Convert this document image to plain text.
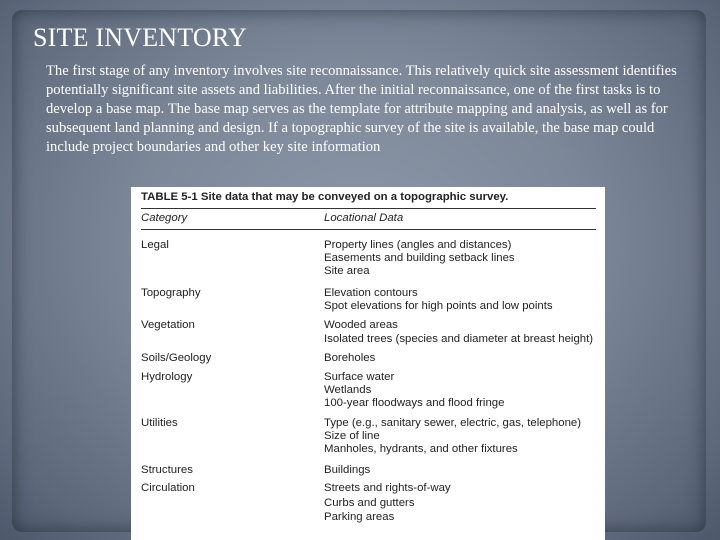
SITE INVENTORY

The first stage of any inventory involves site reconnaissance. This relatively quick site assessment identifies potentially significant site assets and liabilities. After the initial reconnaissance, one of the first tasks is to develop a base map. The base map serves as the template for attribute mapping and analysis, as well as for subsequent land planning and design. If a topographic survey of the site is available, the base map could include project boundaries and other key site information

TABLE 5-1 Site data that may be conveyed on a topographic survey.
Category	Locational Data
Legal	Property lines (angles and distances)
Easements and building setback lines
Site area
Topography	Elevation contours
Spot elevations for high points and low points
Vegetation	Wooded areas
Isolated trees (species and diameter at breast height)
Soils/Geology	Boreholes
Hydrology	Surface water
Wetlands
100-year floodways and flood fringe
Utilities	Type (e.g., sanitary sewer, electric, gas, telephone)
Size of line
Manholes, hydrants, and other fixtures
Structures	Buildings
Circulation	Streets and rights-of-way
Curbs and gutters
Parking areas
